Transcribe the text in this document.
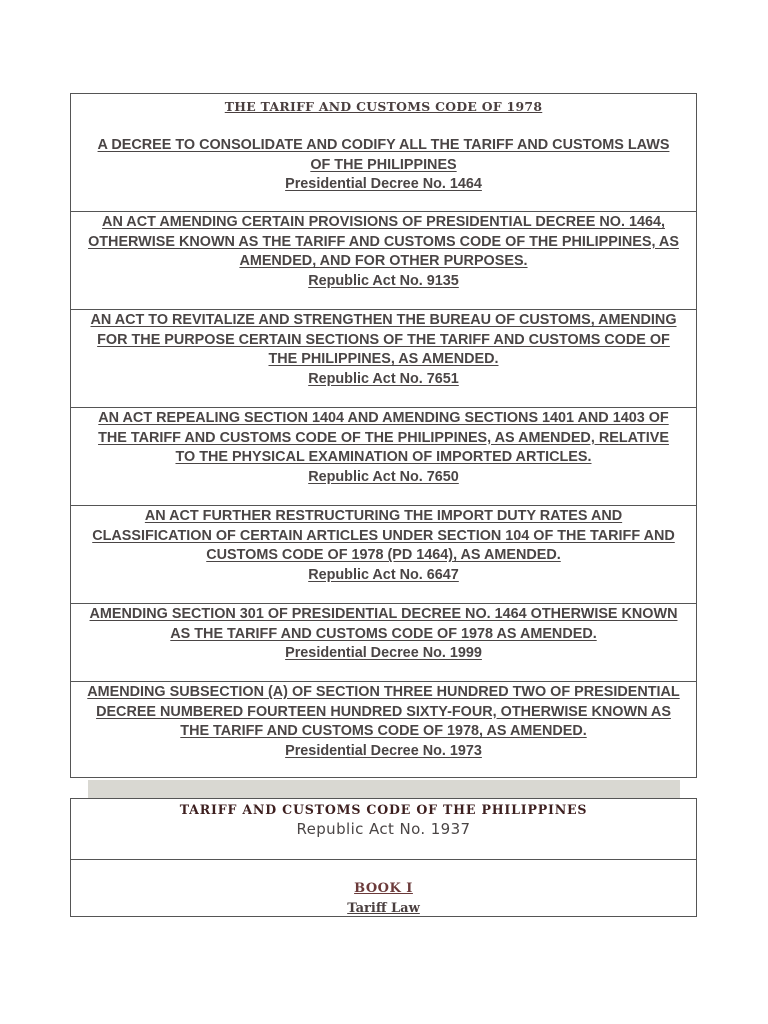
THE TARIFF AND CUSTOMS CODE OF 1978
A DECREE TO CONSOLIDATE AND CODIFY ALL THE TARIFF AND CUSTOMS LAWS
OF THE PHILIPPINES
Presidential Decree No. 1464
AN ACT AMENDING CERTAIN PROVISIONS OF PRESIDENTIAL DECREE NO. 1464,
OTHERWISE KNOWN AS THE TARIFF AND CUSTOMS CODE OF THE PHILIPPINES, AS
AMENDED, AND FOR OTHER PURPOSES.
Republic Act No. 9135
AN ACT TO REVITALIZE AND STRENGTHEN THE BUREAU OF CUSTOMS, AMENDING
FOR THE PURPOSE CERTAIN SECTIONS OF THE TARIFF AND CUSTOMS CODE OF
THE PHILIPPINES, AS AMENDED.
Republic Act No. 7651
AN ACT REPEALING SECTION 1404 AND AMENDING SECTIONS 1401 AND 1403 OF
THE TARIFF AND CUSTOMS CODE OF THE PHILIPPINES, AS AMENDED, RELATIVE
TO THE PHYSICAL EXAMINATION OF IMPORTED ARTICLES.
Republic Act No. 7650
AN ACT FURTHER RESTRUCTURING THE IMPORT DUTY RATES AND
CLASSIFICATION OF CERTAIN ARTICLES UNDER SECTION 104 OF THE TARIFF AND
CUSTOMS CODE OF 1978 (PD 1464), AS AMENDED.
Republic Act No. 6647
AMENDING SECTION 301 OF PRESIDENTIAL DECREE NO. 1464 OTHERWISE KNOWN
AS THE TARIFF AND CUSTOMS CODE OF 1978 AS AMENDED.
Presidential Decree No. 1999
AMENDING SUBSECTION (A) OF SECTION THREE HUNDRED TWO OF PRESIDENTIAL
DECREE NUMBERED FOURTEEN HUNDRED SIXTY-FOUR, OTHERWISE KNOWN AS
THE TARIFF AND CUSTOMS CODE OF 1978, AS AMENDED.
Presidential Decree No. 1973
TARIFF AND CUSTOMS CODE OF THE PHILIPPINES
Republic Act No. 1937
BOOK I
Tariff Law
